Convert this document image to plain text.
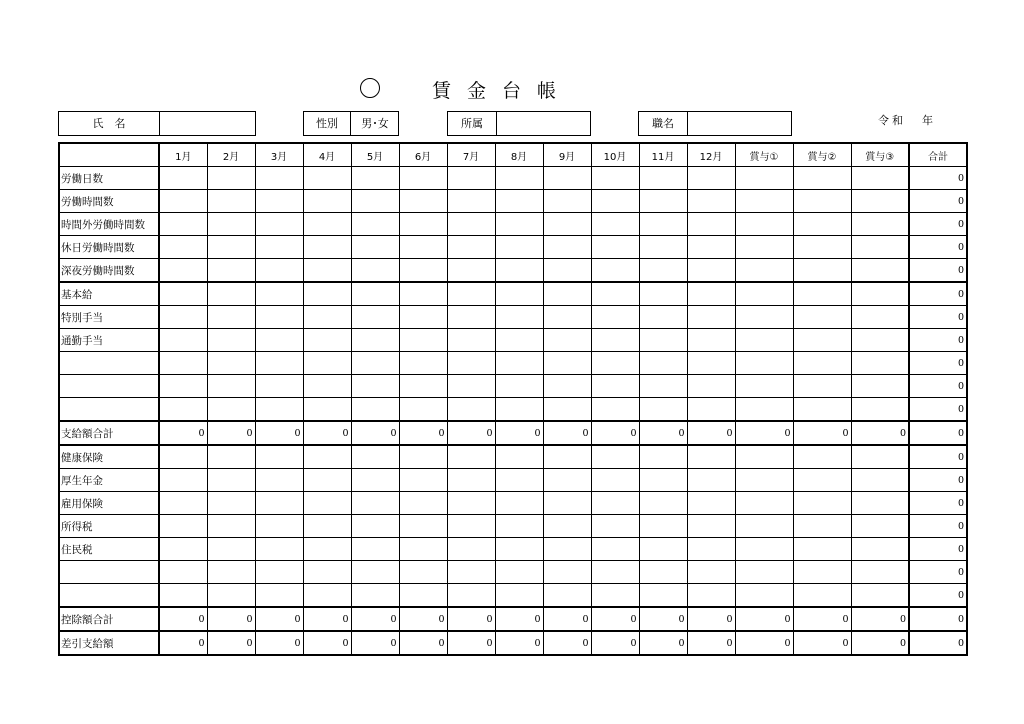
賃金台帳
氏　名	性別	男･女	所属	職名	令和 年
	1月	2月	3月	4月	5月	6月	7月	8月	9月	10月	11月	12月	賞与①	賞与②	賞与③	合計
労働日数																0
労働時間数																0
時間外労働時間数																0
休日労働時間数																0
深夜労働時間数																0
基本給																0
特別手当																0
通勤手当																0
																0
																0
																0
支給額合計	0	0	0	0	0	0	0	0	0	0	0	0	0	0	0	0
健康保険																0
厚生年金																0
雇用保険																0
所得税																0
住民税																0
																0
																0
控除額合計	0	0	0	0	0	0	0	0	0	0	0	0	0	0	0	0
差引支給額	0	0	0	0	0	0	0	0	0	0	0	0	0	0	0	0
